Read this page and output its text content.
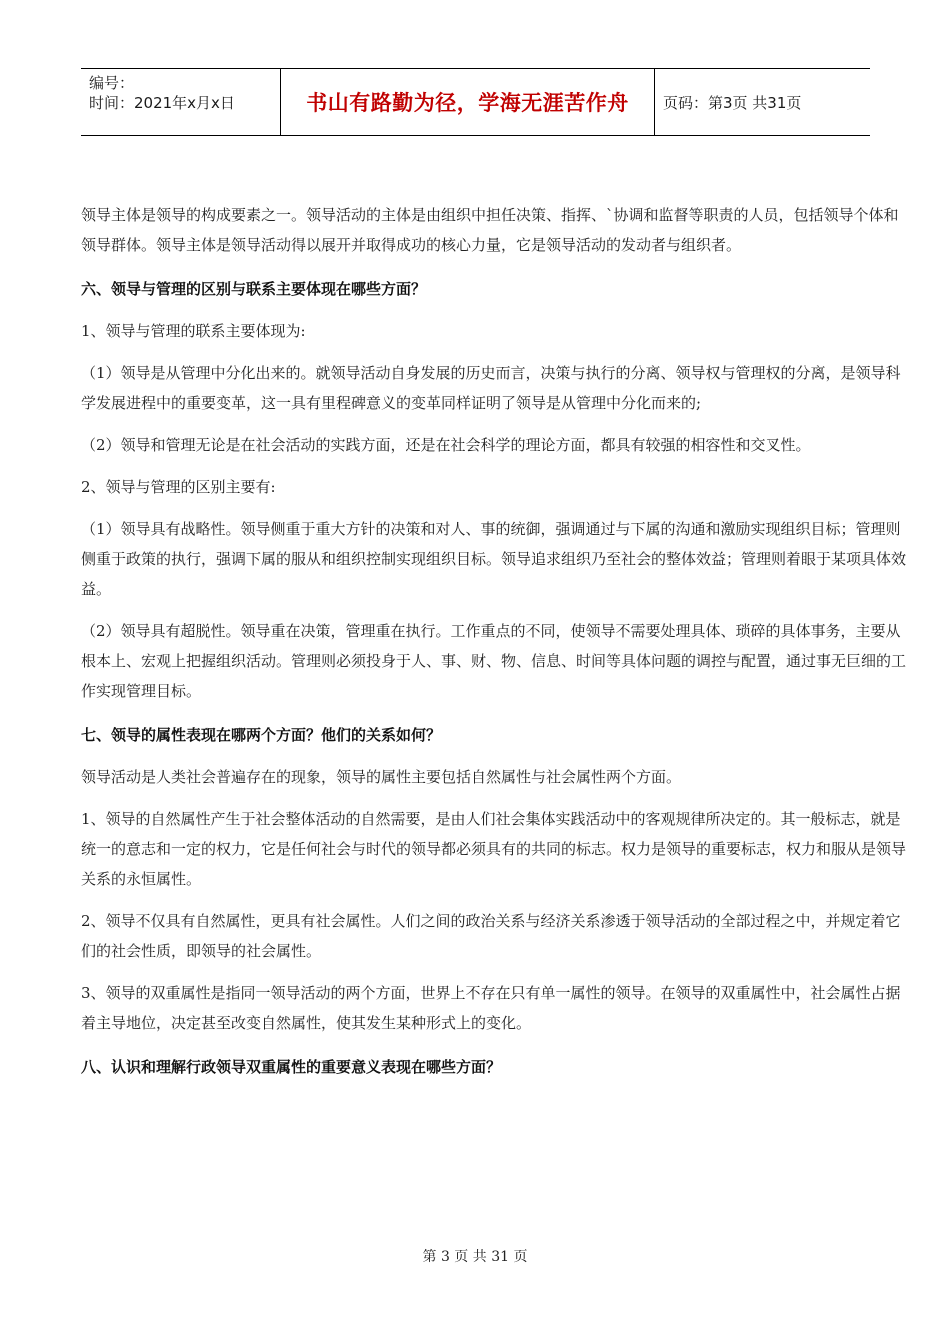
编号：
时间：2021年x月x日	书山有路勤为径，学海无涯苦作舟 页码：第3页 共31页

领导主体是领导的构成要素之一。领导活动的主体是由组织中担任决策、指挥、`协调和监督等职责的人员，包括领导个体和领导群体。领导主体是领导活动得以展开并取得成功的核心力量，它是领导活动的发动者与组织者。

六、领导与管理的区别与联系主要体现在哪些方面？

1、领导与管理的联系主要体现为:

（1）领导是从管理中分化出来的。就领导活动自身发展的历史而言，决策与执行的分离、领导权与管理权的分离，是领导科学发展进程中的重要变革，这一具有里程碑意义的变革同样证明了领导是从管理中分化而来的;

（2）领导和管理无论是在社会活动的实践方面，还是在社会科学的理论方面，都具有较强的相容性和交叉性。

2、领导与管理的区别主要有:

（1）领导具有战略性。领导侧重于重大方针的决策和对人、事的统御，强调通过与下属的沟通和激励实现组织目标；管理则侧重于政策的执行，强调下属的服从和组织控制实现组织目标。领导追求组织乃至社会的整体效益；管理则着眼于某项具体效益。

（2）领导具有超脱性。领导重在决策，管理重在执行。工作重点的不同，使领导不需要处理具体、琐碎的具体事务，主要从根本上、宏观上把握组织活动。管理则必须投身于人、事、财、物、信息、时间等具体问题的调控与配置，通过事无巨细的工作实现管理目标。

七、领导的属性表现在哪两个方面？他们的关系如何？

领导活动是人类社会普遍存在的现象，领导的属性主要包括自然属性与社会属性两个方面。

1、领导的自然属性产生于社会整体活动的自然需要，是由人们社会集体实践活动中的客观规律所决定的。其一般标志，就是统一的意志和一定的权力，它是任何社会与时代的领导都必须具有的共同的标志。权力是领导的重要标志，权力和服从是领导关系的永恒属性。

2、领导不仅具有自然属性，更具有社会属性。人们之间的政治关系与经济关系渗透于领导活动的全部过程之中，并规定着它们的社会性质，即领导的社会属性。

3、领导的双重属性是指同一领导活动的两个方面，世界上不存在只有单一属性的领导。在领导的双重属性中，社会属性占据着主导地位，决定甚至改变自然属性，使其发生某种形式上的变化。

八、认识和理解行政领导双重属性的重要意义表现在哪些方面？

第 3 页 共 31 页
